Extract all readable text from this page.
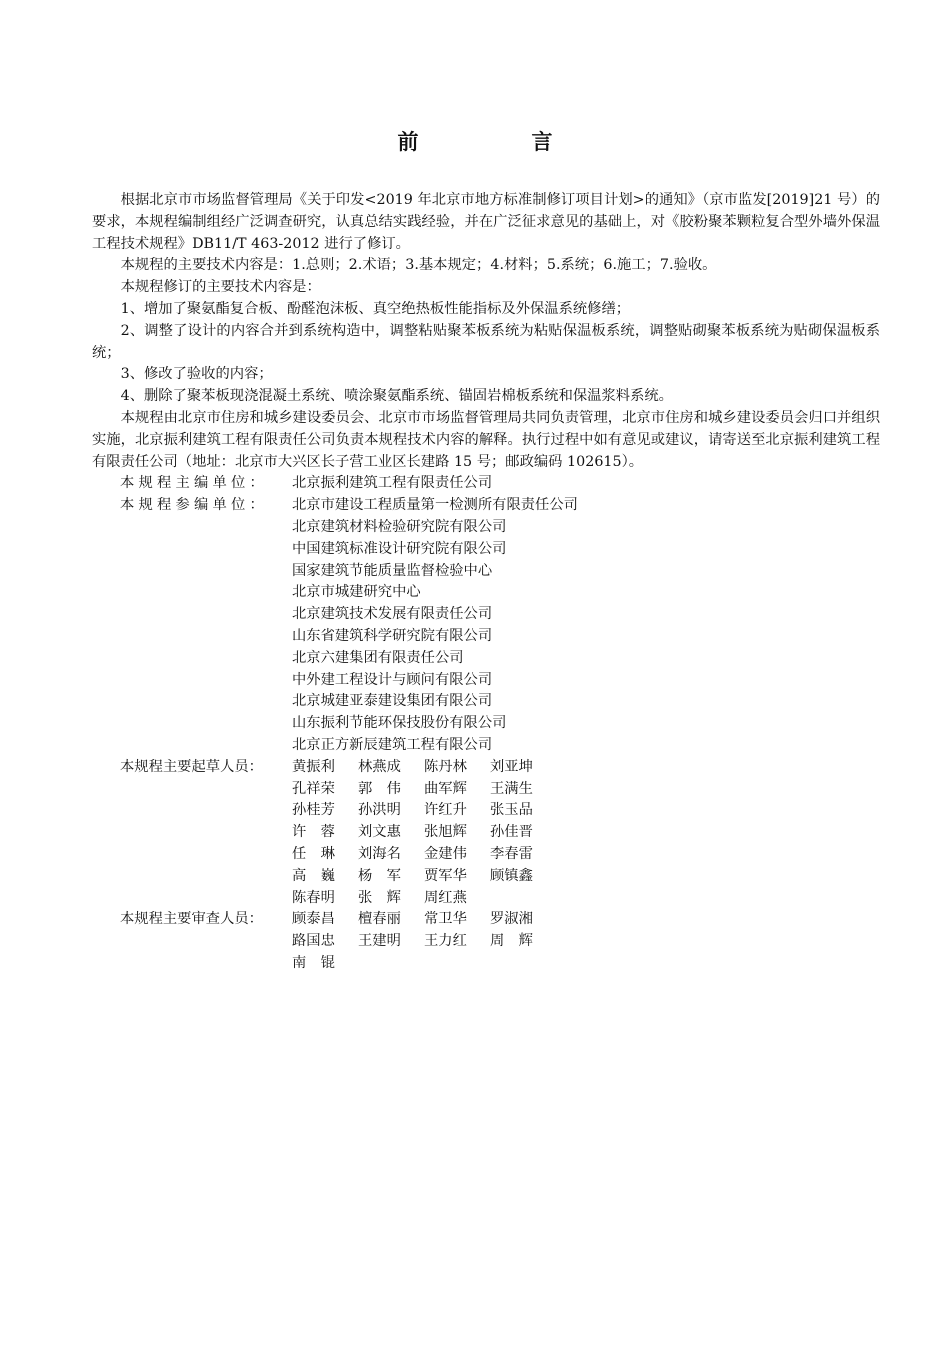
前　言

根据北京市市场监督管理局《关于印发<2019 年北京市地方标准制修订项目计划>的通知》（京市监发[2019]21 号）的要求，本规程编制组经广泛调查研究，认真总结实践经验，并在广泛征求意见的基础上，对《胶粉聚苯颗粒复合型外墙外保温工程技术规程》DB11/T 463-2012 进行了修订。

本规程的主要技术内容是：1.总则；2.术语；3.基本规定；4.材料；5.系统；6.施工；7.验收。

本规程修订的主要技术内容是：

1、增加了聚氨酯复合板、酚醛泡沫板、真空绝热板性能指标及外保温系统修缮；

2、调整了设计的内容合并到系统构造中，调整粘贴聚苯板系统为粘贴保温板系统，调整贴砌聚苯板系统为贴砌保温板系统；

3、修改了验收的内容；

4、删除了聚苯板现浇混凝土系统、喷涂聚氨酯系统、锚固岩棉板系统和保温浆料系统。

本规程由北京市住房和城乡建设委员会、北京市市场监督管理局共同负责管理，北京市住房和城乡建设委员会归口并组织实施，北京振利建筑工程有限责任公司负责本规程技术内容的解释。执行过程中如有意见或建议，请寄送至北京振利建筑工程有限责任公司（地址：北京市大兴区长子营工业区长建路 15 号；邮政编码 102615）。

本规程主编单位：	北京振利建筑工程有限责任公司
本规程参编单位：	北京市建设工程质量第一检测所有限责任公司
北京建筑材料检验研究院有限公司
中国建筑标准设计研究院有限公司
国家建筑节能质量监督检验中心
北京市城建研究中心
北京建筑技术发展有限责任公司
山东省建筑科学研究院有限公司
北京六建集团有限责任公司
中外建工程设计与顾问有限公司
北京城建亚泰建设集团有限公司
山东振利节能环保技股份有限公司
北京正方新辰建筑工程有限公司
本规程主要起草人员：	黄振利	林燕成	陈丹林	刘亚坤
孔祥荣	郭　伟	曲军辉	王满生
孙桂芳	孙洪明	许红升	张玉品
许　蓉	刘文惠	张旭辉	孙佳晋
任　琳	刘海名	金建伟	李春雷
高　巍	杨　军	贾军华	顾镇鑫
陈春明	张　辉	周红燕
本规程主要审查人员：	顾泰昌	檀春丽	常卫华	罗淑湘
路国忠	王建明	王力红	周　辉
南　锟
